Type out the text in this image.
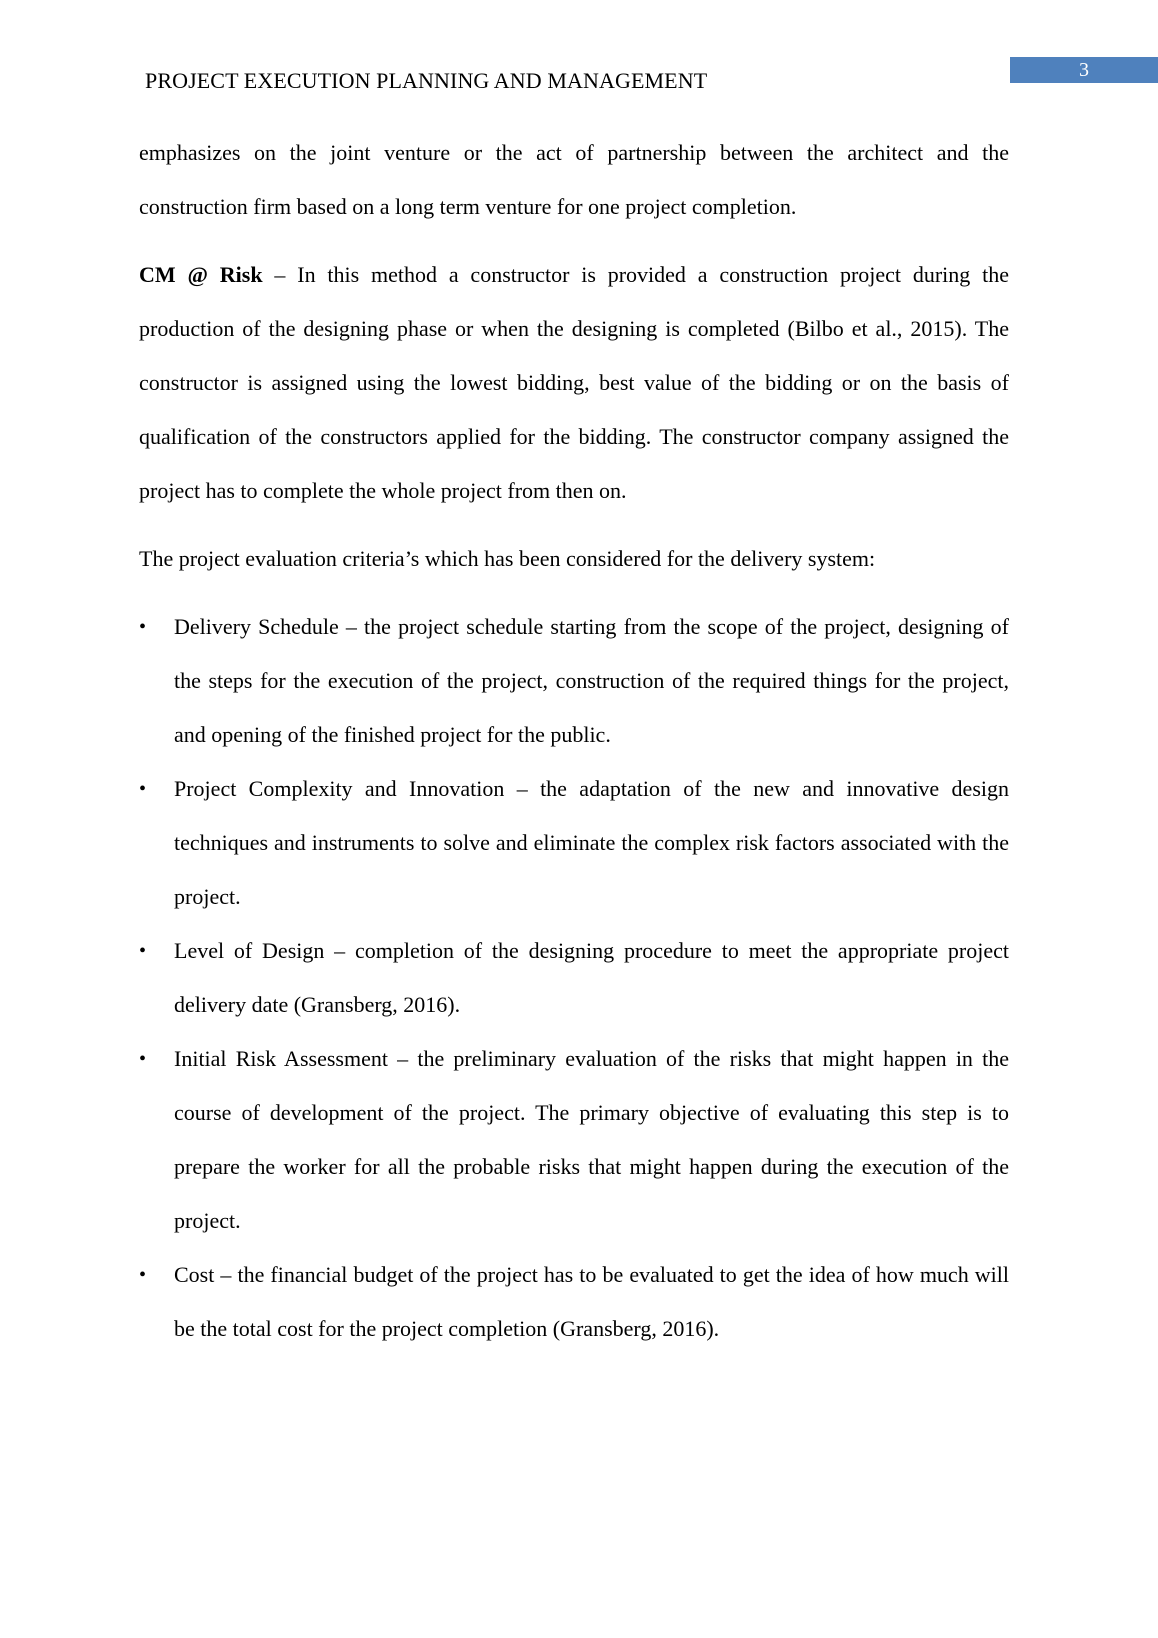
PROJECT EXECUTION PLANNING AND MANAGEMENT	3

emphasizes on the joint venture or the act of partnership between the architect and the construction firm based on a long term venture for one project completion.

CM @ Risk – In this method a constructor is provided a construction project during the production of the designing phase or when the designing is completed (Bilbo et al., 2015). The constructor is assigned using the lowest bidding, best value of the bidding or on the basis of qualification of the constructors applied for the bidding. The constructor company assigned the project has to complete the whole project from then on.

The project evaluation criteria’s which has been considered for the delivery system:

•	Delivery Schedule – the project schedule starting from the scope of the project, designing of the steps for the execution of the project, construction of the required things for the project, and opening of the finished project for the public.
•	Project Complexity and Innovation – the adaptation of the new and innovative design techniques and instruments to solve and eliminate the complex risk factors associated with the project.
•	Level of Design – completion of the designing procedure to meet the appropriate project delivery date (Gransberg, 2016).
•	Initial Risk Assessment – the preliminary evaluation of the risks that might happen in the course of development of the project. The primary objective of evaluating this step is to prepare the worker for all the probable risks that might happen during the execution of the project.
•	Cost – the financial budget of the project has to be evaluated to get the idea of how much will be the total cost for the project completion (Gransberg, 2016).
